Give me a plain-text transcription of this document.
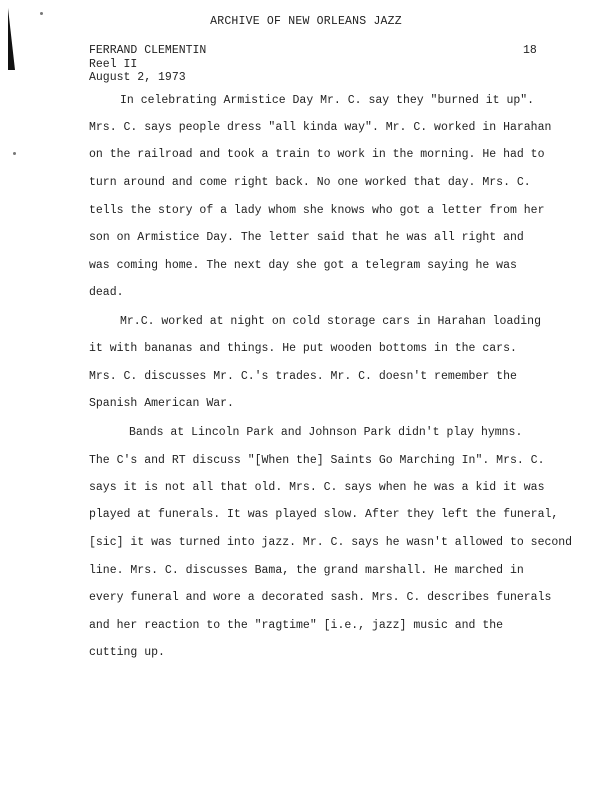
ARCHIVE OF NEW ORLEANS JAZZ
FERRAND CLEMENTIN
Reel II
August 2, 1973
18
In celebrating Armistice Day Mr. C. say they "burned it up".
Mrs. C. says people dress "all kinda way". Mr. C. worked in Harahan
on the railroad and took a train to work in the morning. He had to
turn around and come right back. No one worked that day. Mrs. C.
tells the story of a lady whom she knows who got a letter from her
son on Armistice Day. The letter said that he was all right and
was coming home. The next day she got a telegram saying he was
dead.
Mr.C. worked at night on cold storage cars in Harahan loading
it with bananas and things. He put wooden bottoms in the cars.
Mrs. C. discusses Mr. C.'s trades. Mr. C. doesn't remember the
Spanish American War.
Bands at Lincoln Park and Johnson Park didn't play hymns.
The C's and RT discuss "[When the] Saints Go Marching In". Mrs. C.
says it is not all that old. Mrs. C. says when he was a kid it was
played at funerals. It was played slow. After they left the funeral,
[sic] it was turned into jazz. Mr. C. says he wasn't allowed to second
line. Mrs. C. discusses Bama, the grand marshall. He marched in
every funeral and wore a decorated sash. Mrs. C. describes funerals
and her reaction to the "ragtime" [i.e., jazz] music and the
cutting up.
